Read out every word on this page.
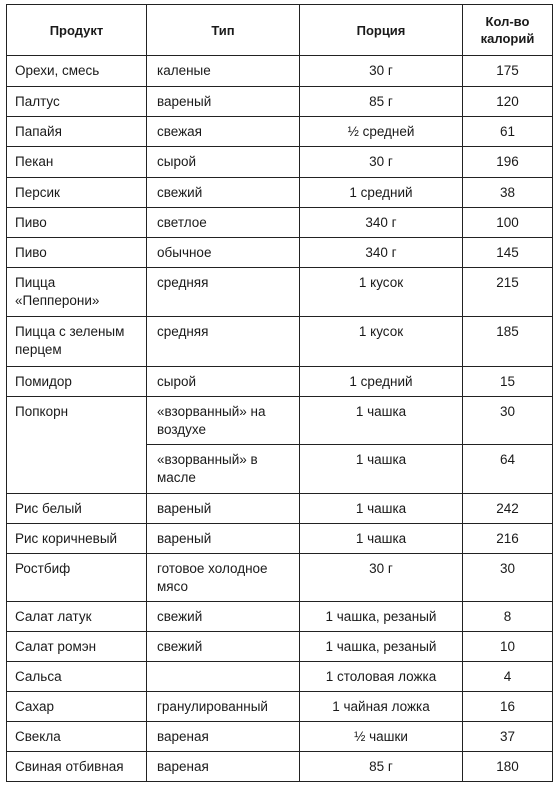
Продукт	Тип	Порция	Кол-во калорий

Орехи, смесь	каленые	30 г	175

Палтус	вареный	85 г	120

Папайя	свежая	½ средней	61

Пекан	сырой	30 г	196

Персик	свежий	1 средний	38

Пиво	светлое	340 г	100

Пиво	обычное	340 г	145

Пицца «Пепперони»	средняя	1 кусок	215

Пицца с зеленым перцем	средняя	1 кусок	185

Помидор	сырой	1 средний	15

Попкорн	«взорванный» на воздухе	1 чашка	30

	«взорванный» в масле	1 чашка	64

Рис белый	вареный	1 чашка	242

Рис коричневый	вареный	1 чашка	216

Ростбиф	готовое холодное мясо	30 г	30

Салат латук	свежий	1 чашка, резаный	8

Салат ромэн	свежий	1 чашка, резаный	10

Сальса		1 столовая ложка	4

Сахар	гранулированный	1 чайная ложка	16

Свекла	вареная	½ чашки	37

Свиная отбивная	вареная	85 г	180
